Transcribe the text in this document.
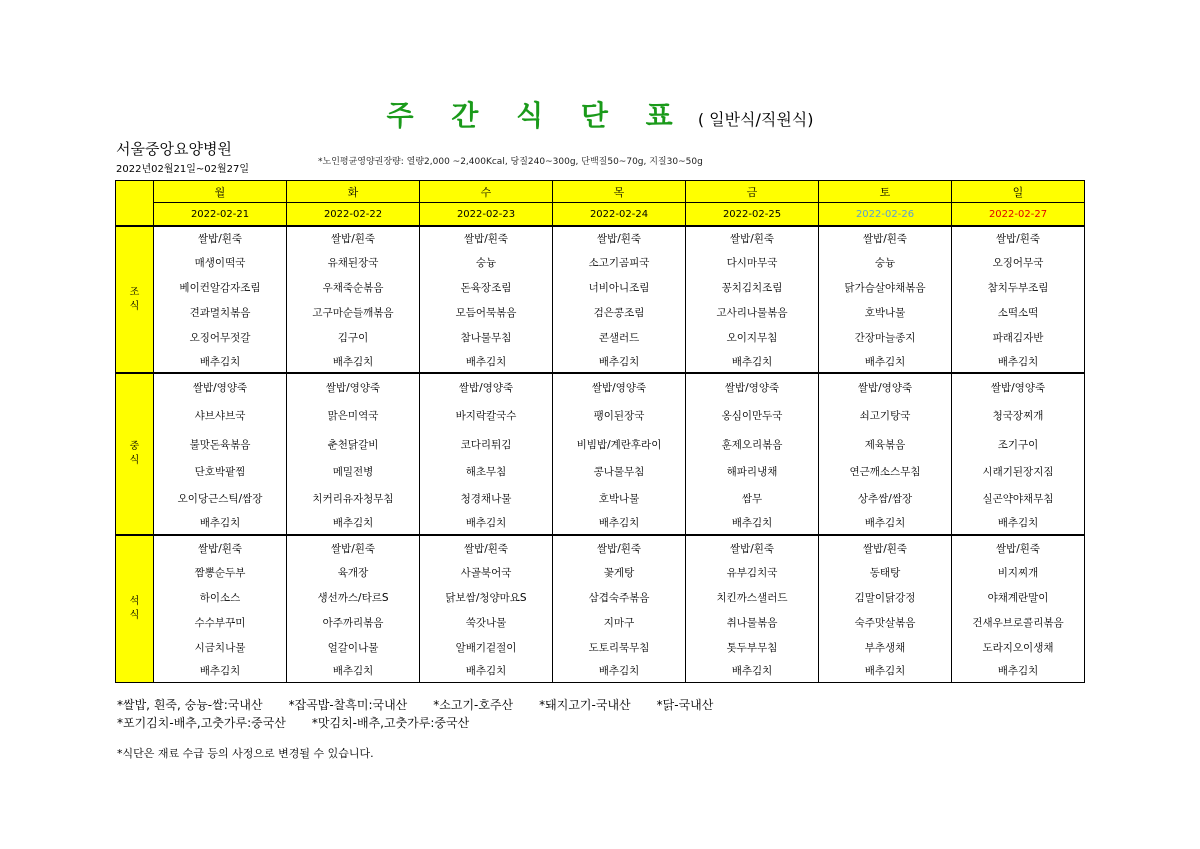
주 간 식 단 표 ( 일반식/직원식)
서울중앙요양병원
2022년02월21일~02월27일
*노인평균영양권장량: 열량2,000 ~2,400Kcal, 당질240~300g, 단백질50~70g, 지질30~50g
	월	화	수	목	금	토	일
	2022-02-21	2022-02-22	2022-02-23	2022-02-24	2022-02-25	2022-02-26	2022-02-27
조
식	쌀밥/흰죽	쌀밥/흰죽	쌀밥/흰죽	쌀밥/흰죽	쌀밥/흰죽	쌀밥/흰죽	쌀밥/흰죽
	매생이떡국	유채된장국	숭늉	소고기곰피국	다시마무국	숭늉	오징어무국
	베이컨알감자조림	우채죽순볶음	돈육장조림	너비아니조림	꽁치김치조림	닭가슴살야채볶음	참치두부조림
	견과멸치볶음	고구마순들깨볶음	모듬어묵볶음	검은콩조림	고사리나물볶음	호박나물	소떡소떡
	오징어무젓갈	김구이	참나물무침	콘샐러드	오이지무침	간장마늘종지	파래김자반
	배추김치	배추김치	배추김치	배추김치	배추김치	배추김치	배추김치
중
식	쌀밥/영양죽	쌀밥/영양죽	쌀밥/영양죽	쌀밥/영양죽	쌀밥/영양죽	쌀밥/영양죽	쌀밥/영양죽
	샤브샤브국	맑은미역국	바지락칼국수	팽이된장국	옹심이만두국	쇠고기탕국	청국장찌개
	불맛돈육볶음	춘천닭갈비	코다리튀김	비빔밥/계란후라이	훈제오리볶음	제육볶음	조기구이
	단호박팥찜	메밀전병	해초무침	콩나물무침	해파리냉채	연근깨소스무침	시래기된장지짐
	오이당근스틱/쌈장	치커리유자청무침	청경채나물	호박나물	쌈무	상추쌈/쌈장	실곤약야채무침
	배추김치	배추김치	배추김치	배추김치	배추김치	배추김치	배추김치
석
식	쌀밥/흰죽	쌀밥/흰죽	쌀밥/흰죽	쌀밥/흰죽	쌀밥/흰죽	쌀밥/흰죽	쌀밥/흰죽
	짬뽕순두부	육개장	사골북어국	꽃게탕	유부김치국	동태탕	비지찌개
	하이소스	생선까스/타르S	닭보쌈/청양마요S	삼겹숙주볶음	치킨까스샐러드	김말이닭강정	야채계란말이
	수수부꾸미	아주까리볶음	쑥갓나물	지마구	취나물볶음	숙주맛살볶음	건새우브로콜리볶음
	시금치나물	얼갈이나물	알배기겉절이	도토리묵무침	톳두부무침	부추생채	도라지오이생채
	배추김치	배추김치	배추김치	배추김치	배추김치	배추김치	배추김치
*쌀밥, 흰죽, 숭늉-쌀:국내산 *잡곡밥-찰흑미:국내산 *소고기-호주산 *돼지고기-국내산 *닭-국내산
*포기김치-배추,고춧가루:중국산 *맛김치-배추,고춧가루:중국산
*식단은 재료 수급 등의 사정으로 변경될 수 있습니다.
